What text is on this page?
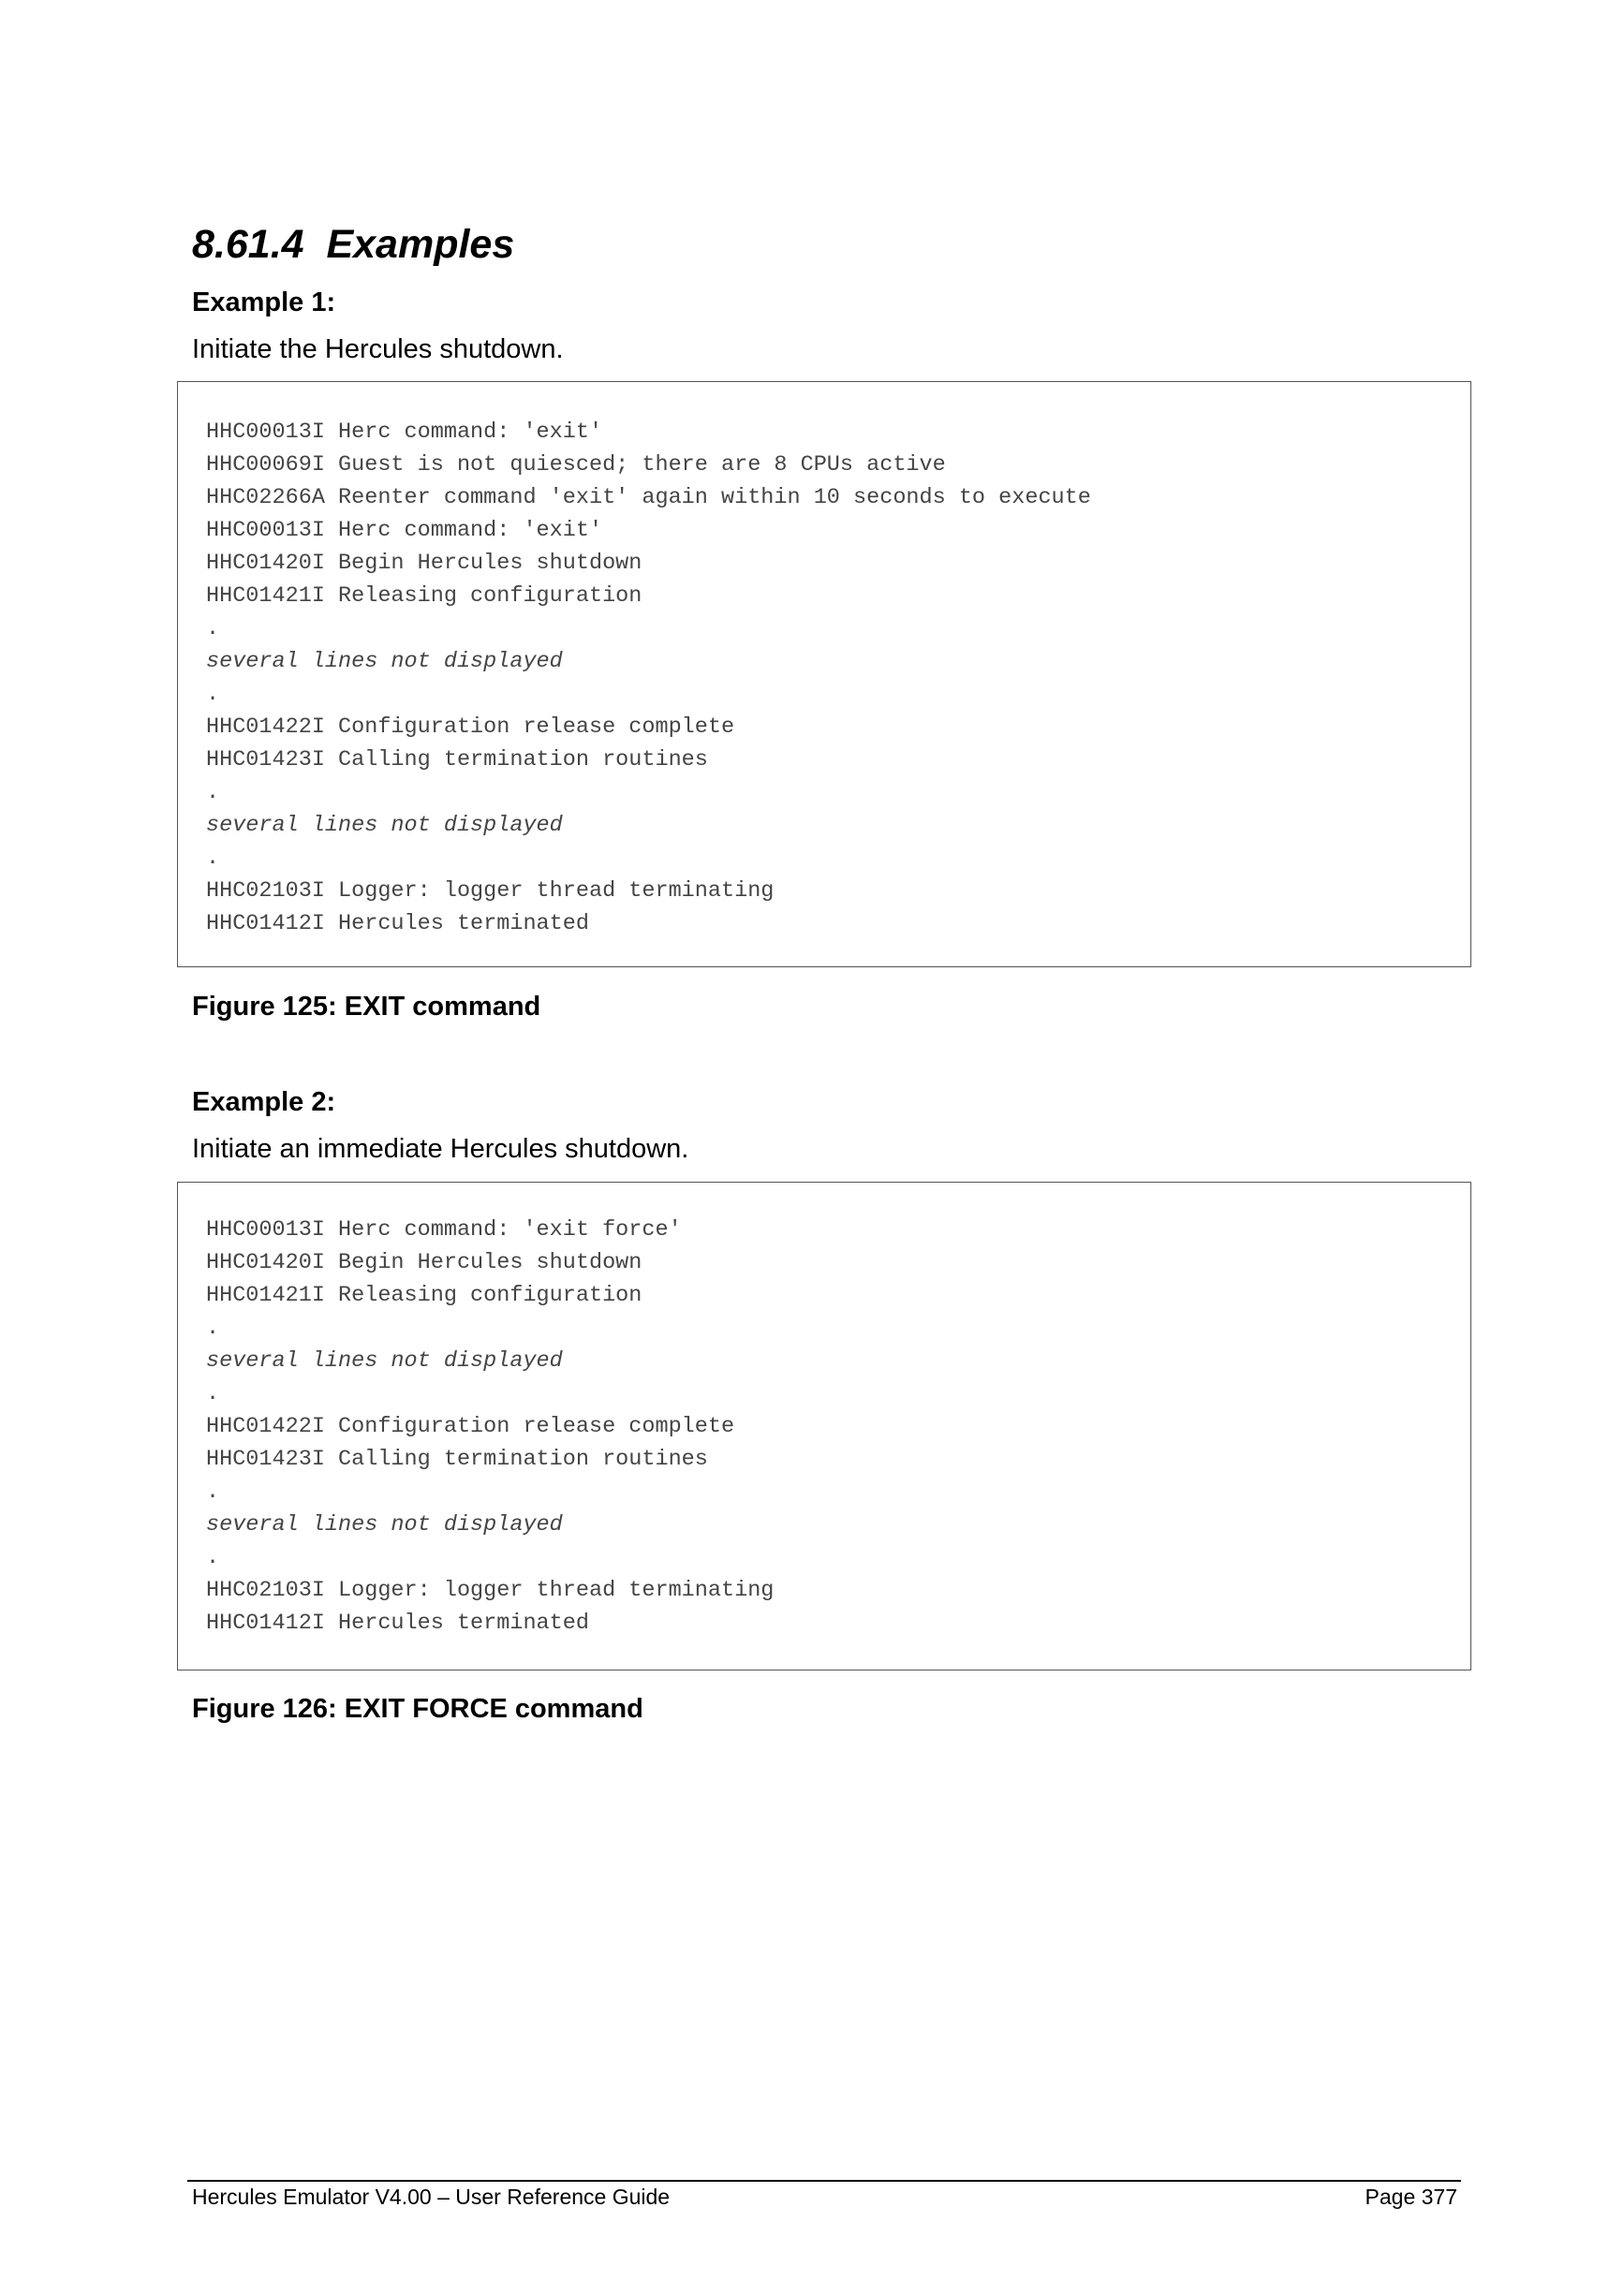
8.61.4  Examples
Example 1:
Initiate the Hercules shutdown.
HHC00013I Herc command: 'exit'
HHC00069I Guest is not quiesced; there are 8 CPUs active
HHC02266A Reenter command 'exit' again within 10 seconds to execute
HHC00013I Herc command: 'exit'
HHC01420I Begin Hercules shutdown
HHC01421I Releasing configuration
.
several lines not displayed
.
HHC01422I Configuration release complete
HHC01423I Calling termination routines
.
several lines not displayed
.
HHC02103I Logger: logger thread terminating
HHC01412I Hercules terminated
Figure 125: EXIT command
Example 2:
Initiate an immediate Hercules shutdown.
HHC00013I Herc command: 'exit force'
HHC01420I Begin Hercules shutdown
HHC01421I Releasing configuration
.
several lines not displayed
.
HHC01422I Configuration release complete
HHC01423I Calling termination routines
.
several lines not displayed
.
HHC02103I Logger: logger thread terminating
HHC01412I Hercules terminated
Figure 126: EXIT FORCE command
Hercules Emulator V4.00 – User Reference Guide	Page 377
